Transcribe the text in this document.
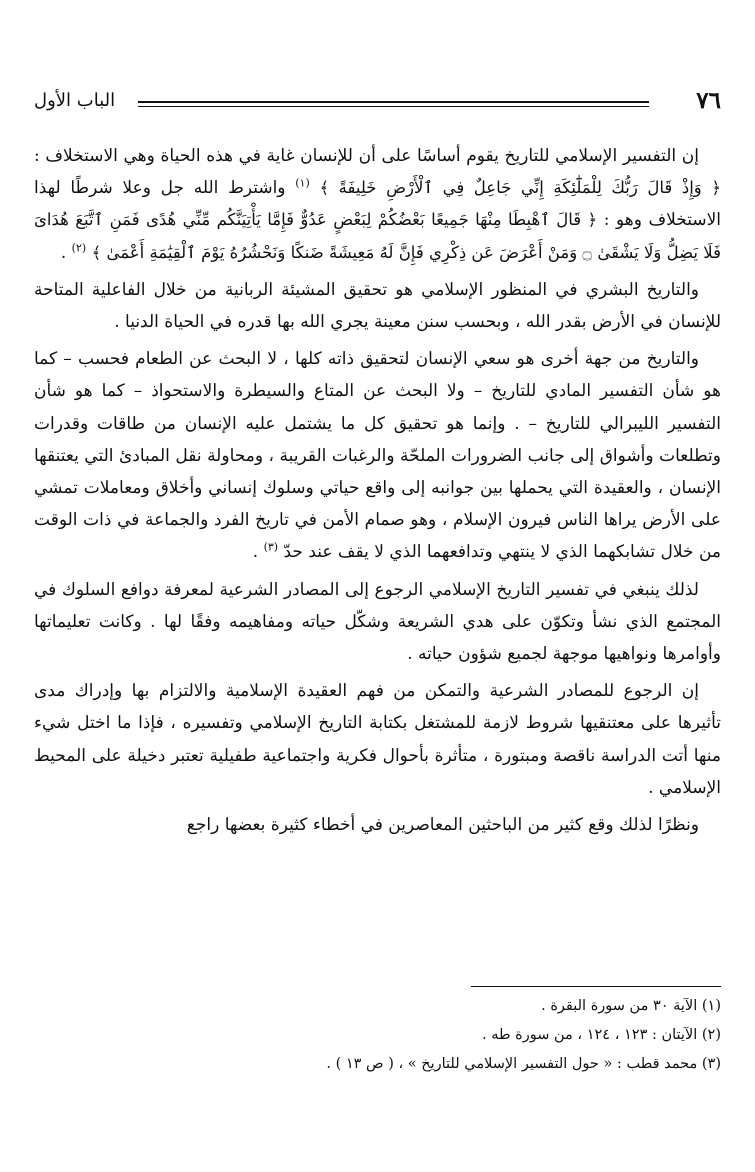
٧٦
الباب الأول

إن التفسير الإسلامي للتاريخ يقوم أساسًا على أن للإنسان غاية في هذه الحياة وهي الاستخلاف : ﴿ وَإِذْ قَالَ رَبُّكَ لِلْمَلَٰٓئِكَةِ إِنِّي جَاعِلٌ فِي ٱلْأَرْضِ خَلِيفَةً ﴾ $^{(١)}$ واشترط الله جل وعلا شرطًا لهذا الاستخلاف وهو : ﴿ قَالَ ٱهْبِطَا مِنْهَا جَمِيعًا بَعْضُكُمْ لِبَعْضٍ عَدُوٌّ فَإِمَّا يَأْتِيَنَّكُم مِّنِّي هُدًى فَمَنِ ٱتَّبَعَ هُدَاىَ فَلَا يَضِلُّ وَلَا يَشْقَىٰ ۝ وَمَنْ أَعْرَضَ عَن ذِكْرِي فَإِنَّ لَهُ مَعِيشَةً ضَنكًا وَنَحْشُرُهُ يَوْمَ ٱلْقِيَٰمَةِ أَعْمَىٰ ﴾ $^{(٢)}$ .

والتاريخ البشري في المنظور الإسلامي هو تحقيق المشيئة الربانية من خلال الفاعلية المتاحة للإنسان في الأرض بقدر الله ، وبحسب سنن معينة يجري الله بها قدره في الحياة الدنيا .

والتاريخ من جهة أخرى هو سعي الإنسان لتحقيق ذاته كلها ، لا البحث عن الطعام فحسب – كما هو شأن التفسير المادي للتاريخ – ولا البحث عن المتاع والسيطرة والاستحواذ – كما هو شأن التفسير الليبرالي للتاريخ – . وإنما هو تحقيق كل ما يشتمل عليه الإنسان من طاقات وقدرات وتطلعات وأشواق إلى جانب الضرورات الملحّة والرغبات القريبة ، ومحاولة نقل المبادئ التي يعتنقها الإنسان ، والعقيدة التي يحملها بين جوانبه إلى واقع حياتي وسلوك إنساني وأخلاق ومعاملات تمشي على الأرض يراها الناس فيرون الإسلام ، وهو صمام الأمن في تاريخ الفرد والجماعة في ذات الوقت من خلال تشابكهما الذي لا ينتهي وتدافعهما الذي لا يقف عند حدّ $^{(٣)}$ .

لذلك ينبغي في تفسير التاريخ الإسلامي الرجوع إلى المصادر الشرعية لمعرفة دوافع السلوك في المجتمع الذي نشأ وتكوّن على هدي الشريعة وشكّل حياته ومفاهيمه وفقًا لها . وكانت تعليماتها وأوامرها ونواهيها موجهة لجميع شؤون حياته .

إن الرجوع للمصادر الشرعية والتمكن من فهم العقيدة الإسلامية والالتزام بها وإدراك مدى تأثيرها على معتنقيها شروط لازمة للمشتغل بكتابة التاريخ الإسلامي وتفسيره ، فإذا ما اختل شيء منها أتت الدراسة ناقصة ومبتورة ، متأثرة بأحوال فكرية واجتماعية طفيلية تعتبر دخيلة على المحيط الإسلامي .

ونظرًا لذلك وقع كثير من الباحثين المعاصرين في أخطاء كثيرة بعضها راجع

(١) الآية ٣٠ من سورة البقرة .
(٢) الآيتان : ١٢٣ ، ١٢٤ ، من سورة طه .
(٣) محمد قطب : « حول التفسير الإسلامي للتاريخ » ، ( ص ١٣ ) .
